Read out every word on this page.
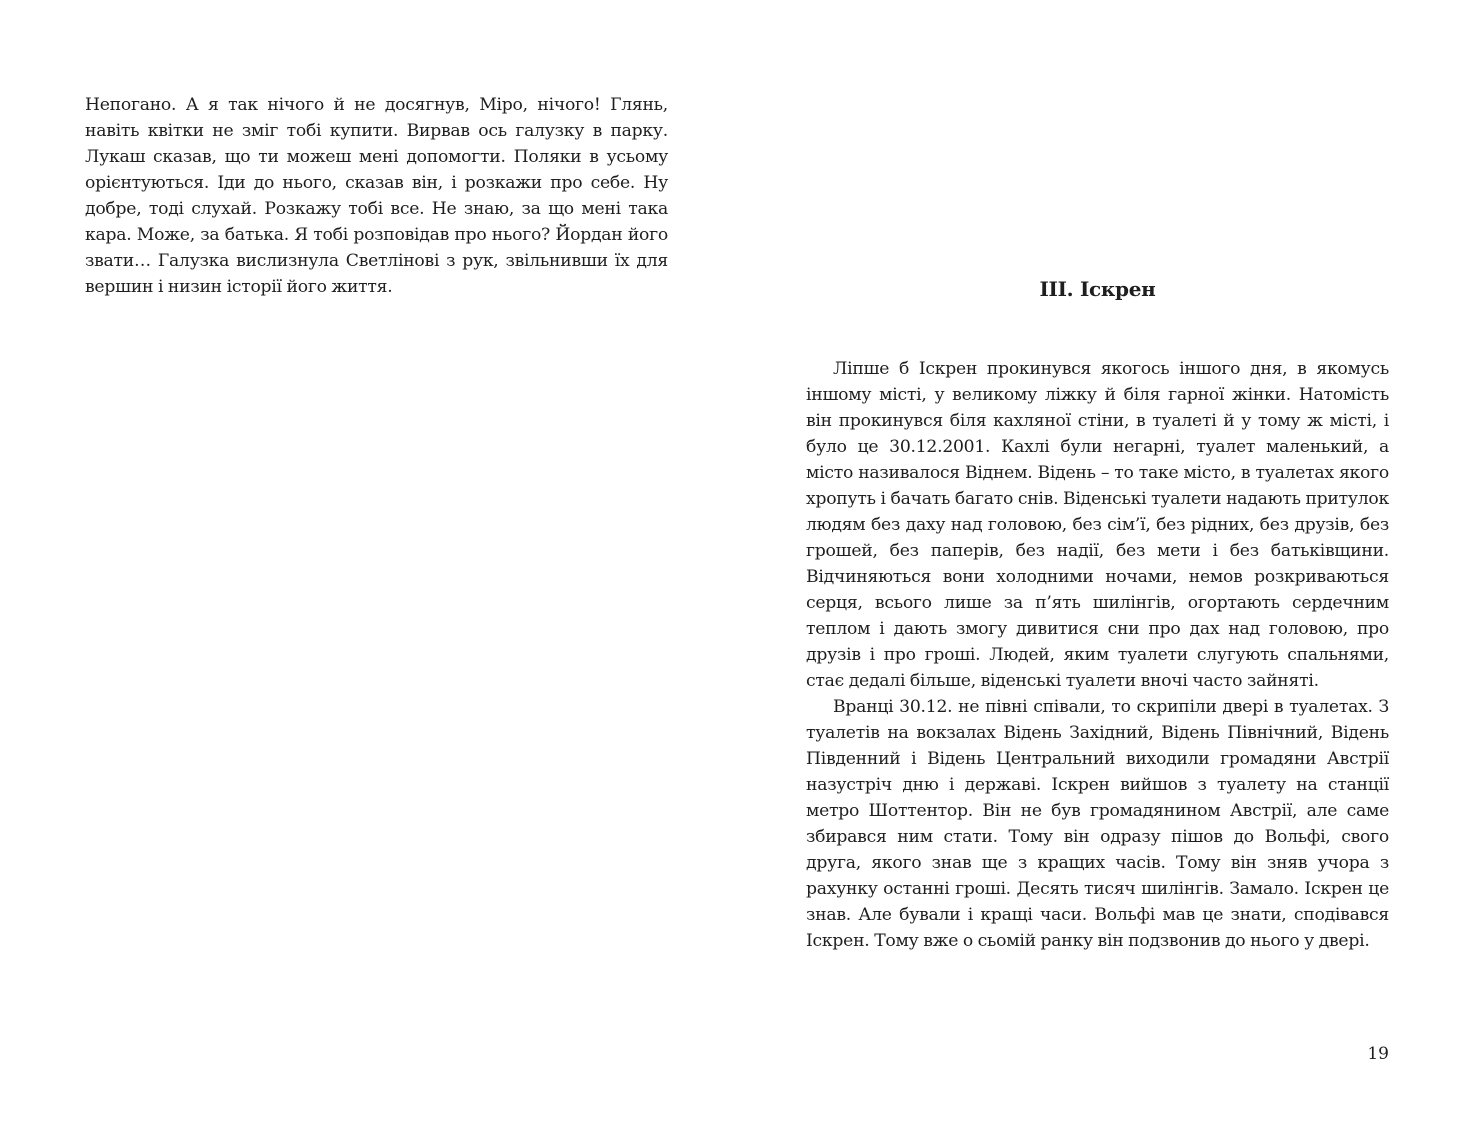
Непогано. А я так нічого й не досягнув, Міро, нічого! Глянь, навіть квітки не зміг тобі купити. Вирвав ось галузку в парку. Лукаш сказав, що ти можеш мені допомогти. Поляки в усьому орієнтуються. Іди до нього, сказав він, і розкажи про себе. Ну добре, тоді слухай. Розкажу тобі все. Не знаю, за що мені така кара. Може, за батька. Я тобі розповідав про нього? Йордан його звати… Галузка вислизнула Светлінові з рук, звільнивши їх для вершин і низин історії його життя.	ІІІ. Іскрен

Ліпше б Іскрен прокинувся якогось іншого дня, в якомусь іншому місті, у великому ліжку й біля гарної жінки. Натомість він прокинувся біля кахляної стіни, в туалеті й у тому ж місті, і було це 30.12.2001. Кахлі були негарні, туалет маленький, а місто називалося Віднем. Відень – то таке місто, в туалетах якого хропуть і бачать багато снів. Віденські туалети надають притулок людям без даху над головою, без сім’ї, без рідних, без друзів, без грошей, без паперів, без надії, без мети і без батьківщини. Відчиняються вони холодними ночами, немов розкриваються серця, всього лише за п’ять шилінгів, огортають сердечним теплом і дають змогу дивитися сни про дах над головою, про друзів і про гроші. Людей, яким туалети слугують спальнями, стає дедалі більше, віденські туалети вночі часто зайняті.

Вранці 30.12. не півні співали, то скрипіли двері в туалетах. З туалетів на вокзалах Відень Західний, Відень Північний, Відень Південний і Відень Центральний виходили громадяни Австрії назустріч дню і державі. Іскрен вийшов з туалету на станції метро Шоттентор. Він не був громадянином Австрії, але саме збирався ним стати. Тому він одразу пішов до Вольфі, свого друга, якого знав ще з кращих часів. Тому він зняв учора з рахунку останні гроші. Десять тисяч шилінгів. Замало. Іскрен це знав. Але бували і кращі часи. Вольфі мав це знати, сподівався Іскрен. Тому вже о сьомій ранку він подзвонив до нього у двері.

19
